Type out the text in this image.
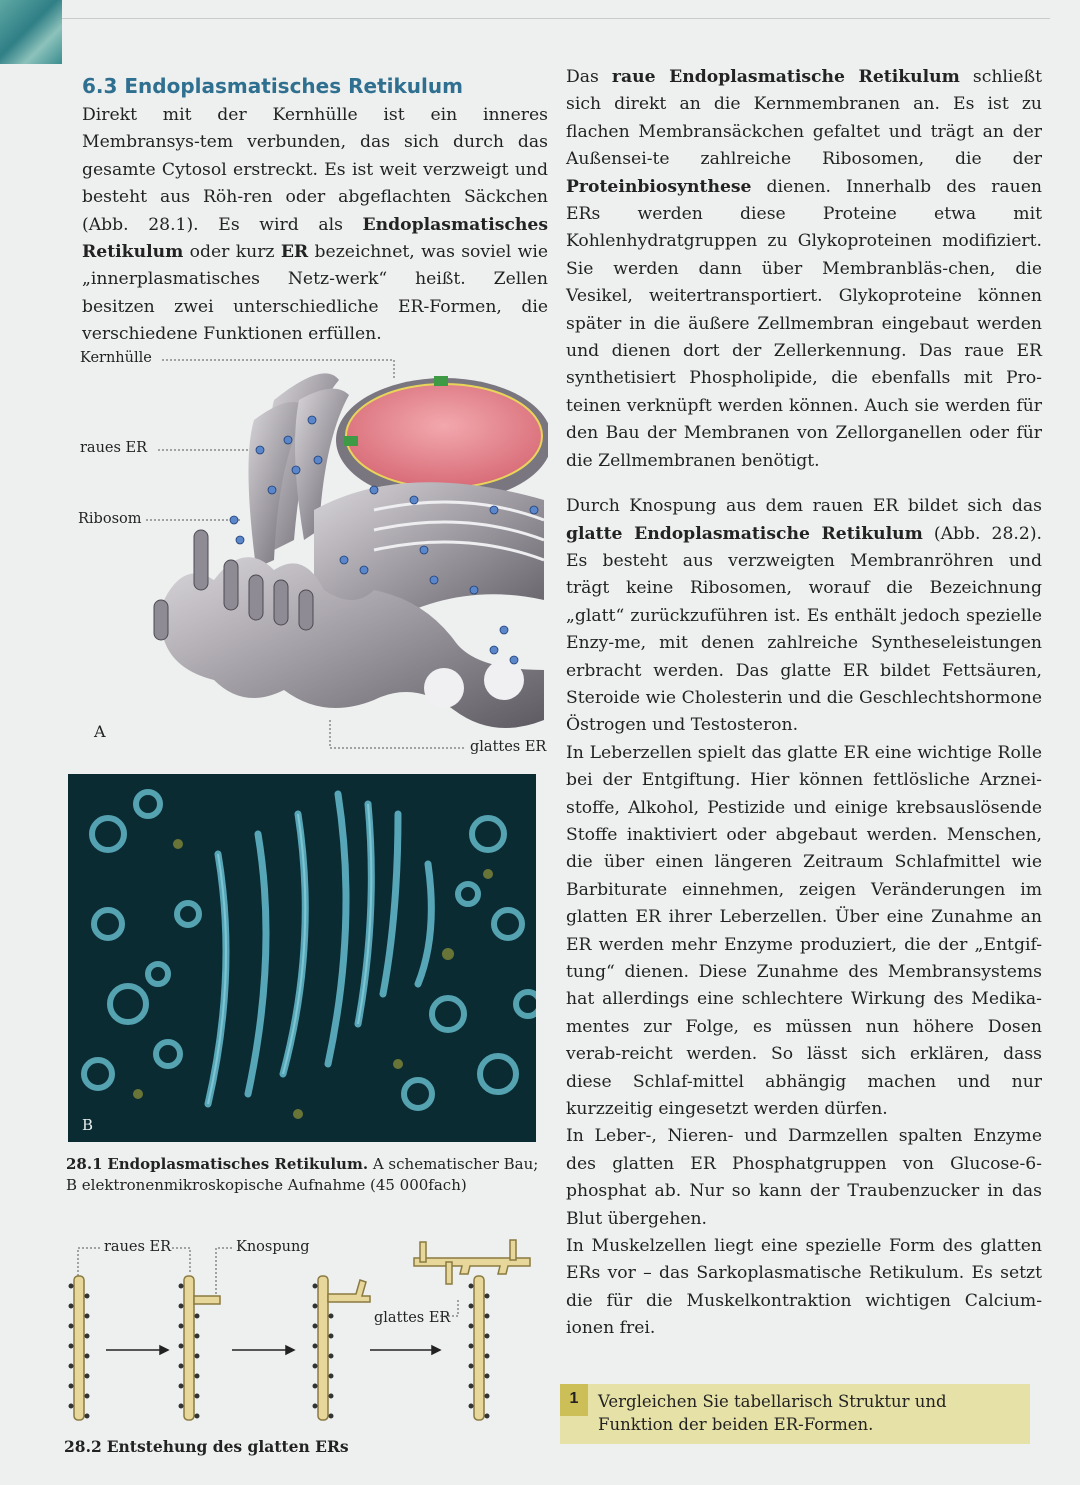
6.3 Endoplasmatisches Retikulum

Direkt mit der Kernhülle ist ein inneres Membransys-tem verbunden, das sich durch das gesamte Cytosol erstreckt. Es ist weit verzweigt und besteht aus Röh-ren oder abgeflachten Säckchen (Abb. 28.1). Es wird als Endoplasmatisches Retikulum oder kurz ER bezeichnet, was soviel wie „innerplasmatisches Netz-werk“ heißt. Zellen besitzen zwei unterschiedliche ER-Formen, die verschiedene Funktionen erfüllen.

Kernhülle
raues ER
Ribosom
glattes ER
A
B
28.1 Endoplasmatisches Retikulum. A schematischer Bau;
B elektronenmikroskopische Aufnahme (45 000fach)
raues ER	Knospung
glattes ER
28.2 Entstehung des glatten ERs

Das raue Endoplasmatische Retikulum schließt sich direkt an die Kernmembranen an. Es ist zu flachen Membransäckchen gefaltet und trägt an der Außensei-te zahlreiche Ribosomen, die der Proteinbiosynthese dienen. Innerhalb des rauen ERs werden diese Proteine etwa mit Kohlenhydratgruppen zu Glykoproteinen modifiziert. Sie werden dann über Membranbläs-chen, die Vesikel, weitertransportiert. Glykoproteine können später in die äußere Zellmembran eingebaut werden und dienen dort der Zellerkennung. Das raue ER synthetisiert Phospholipide, die ebenfalls mit Pro-teinen verknüpft werden können. Auch sie werden für den Bau der Membranen von Zellorganellen oder für die Zellmembranen benötigt.

Durch Knospung aus dem rauen ER bildet sich das glatte Endoplasmatische Retikulum (Abb. 28.2). Es besteht aus verzweigten Membranröhren und trägt keine Ribosomen, worauf die Bezeichnung „glatt“ zurückzuführen ist. Es enthält jedoch spezielle Enzy-me, mit denen zahlreiche Syntheseleistungen erbracht werden. Das glatte ER bildet Fettsäuren, Steroide wie Cholesterin und die Geschlechtshormone Östrogen und Testosteron.

In Leberzellen spielt das glatte ER eine wichtige Rolle bei der Entgiftung. Hier können fettlösliche Arznei-stoffe, Alkohol, Pestizide und einige krebsauslösende Stoffe inaktiviert oder abgebaut werden. Menschen, die über einen längeren Zeitraum Schlafmittel wie Barbiturate einnehmen, zeigen Veränderungen im glatten ER ihrer Leberzellen. Über eine Zunahme an ER werden mehr Enzyme produziert, die der „Entgif-tung“ dienen. Diese Zunahme des Membransystems hat allerdings eine schlechtere Wirkung des Medika-mentes zur Folge, es müssen nun höhere Dosen verab-reicht werden. So lässt sich erklären, dass diese Schlaf-mittel abhängig machen und nur kurzzeitig eingesetzt werden dürfen.

In Leber-, Nieren- und Darmzellen spalten Enzyme des glatten ER Phosphatgruppen von Glucose-6-phosphat ab. Nur so kann der Traubenzucker in das Blut übergehen.

In Muskelzellen liegt eine spezielle Form des glatten ERs vor – das Sarkoplasmatische Retikulum. Es setzt die für die Muskelkontraktion wichtigen Calcium-ionen frei.

1	Vergleichen Sie tabellarisch Struktur und Funktion der beiden ER-Formen.
